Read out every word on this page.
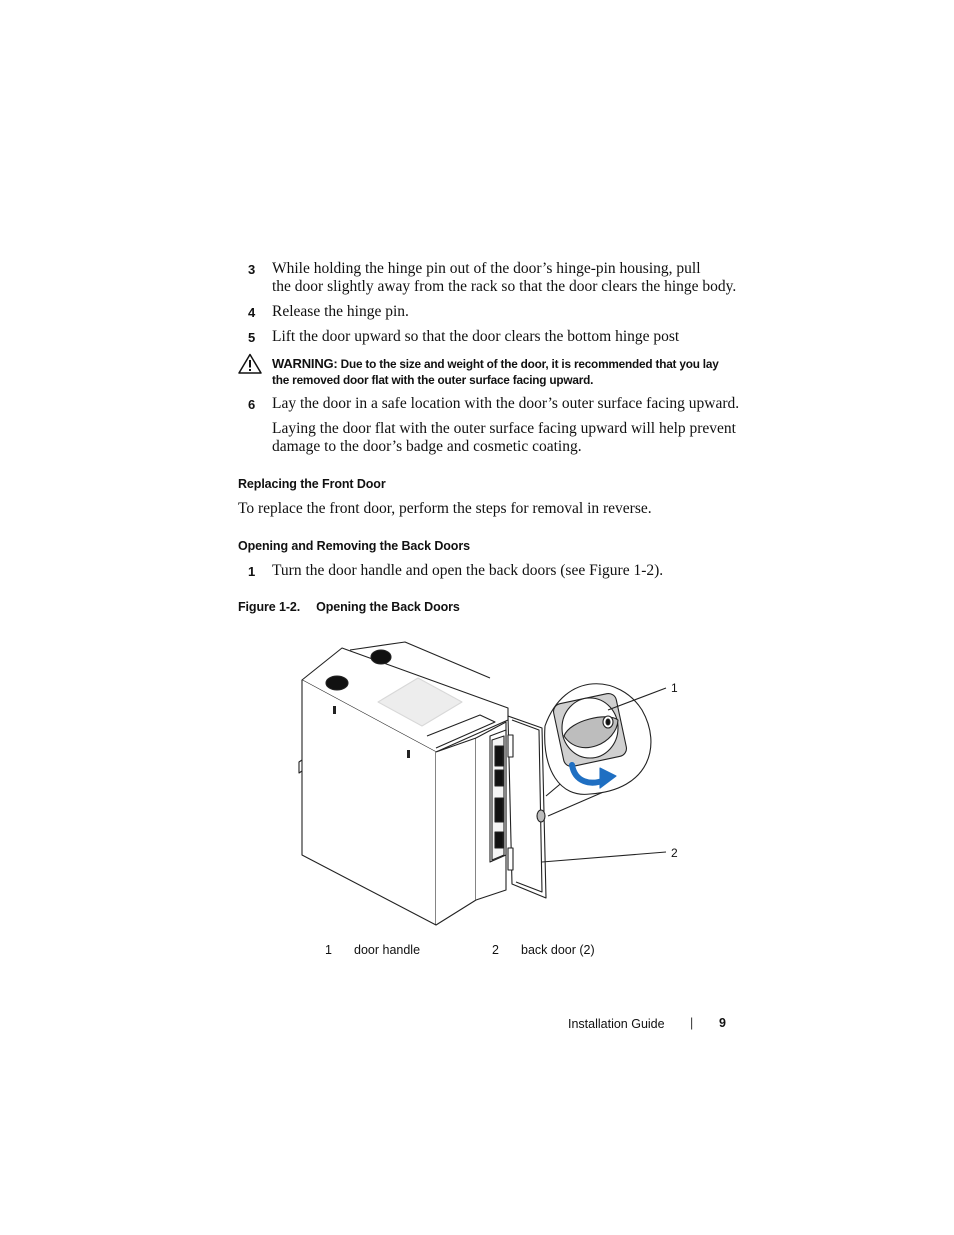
3 While holding the hinge pin out of the door’s hinge-pin housing, pull
the door slightly away from the rack so that the door clears the hinge body.
4 Release the hinge pin.
5 Lift the door upward so that the door clears the bottom hinge post
WARNING: Due to the size and weight of the door, it is recommended that you lay
the removed door flat with the outer surface facing upward.
6 Lay the door in a safe location with the door’s outer surface facing upward.
Laying the door flat with the outer surface facing upward will help prevent
damage to the door’s badge and cosmetic coating.
Replacing the Front Door
To replace the front door, perform the steps for removal in reverse.
Opening and Removing the Back Doors
1 Turn the door handle and open the back doors (see Figure 1-2).
Figure 1-2. Opening the Back Doors
1
2
1 door handle	2 back door (2)
Installation Guide | 9
